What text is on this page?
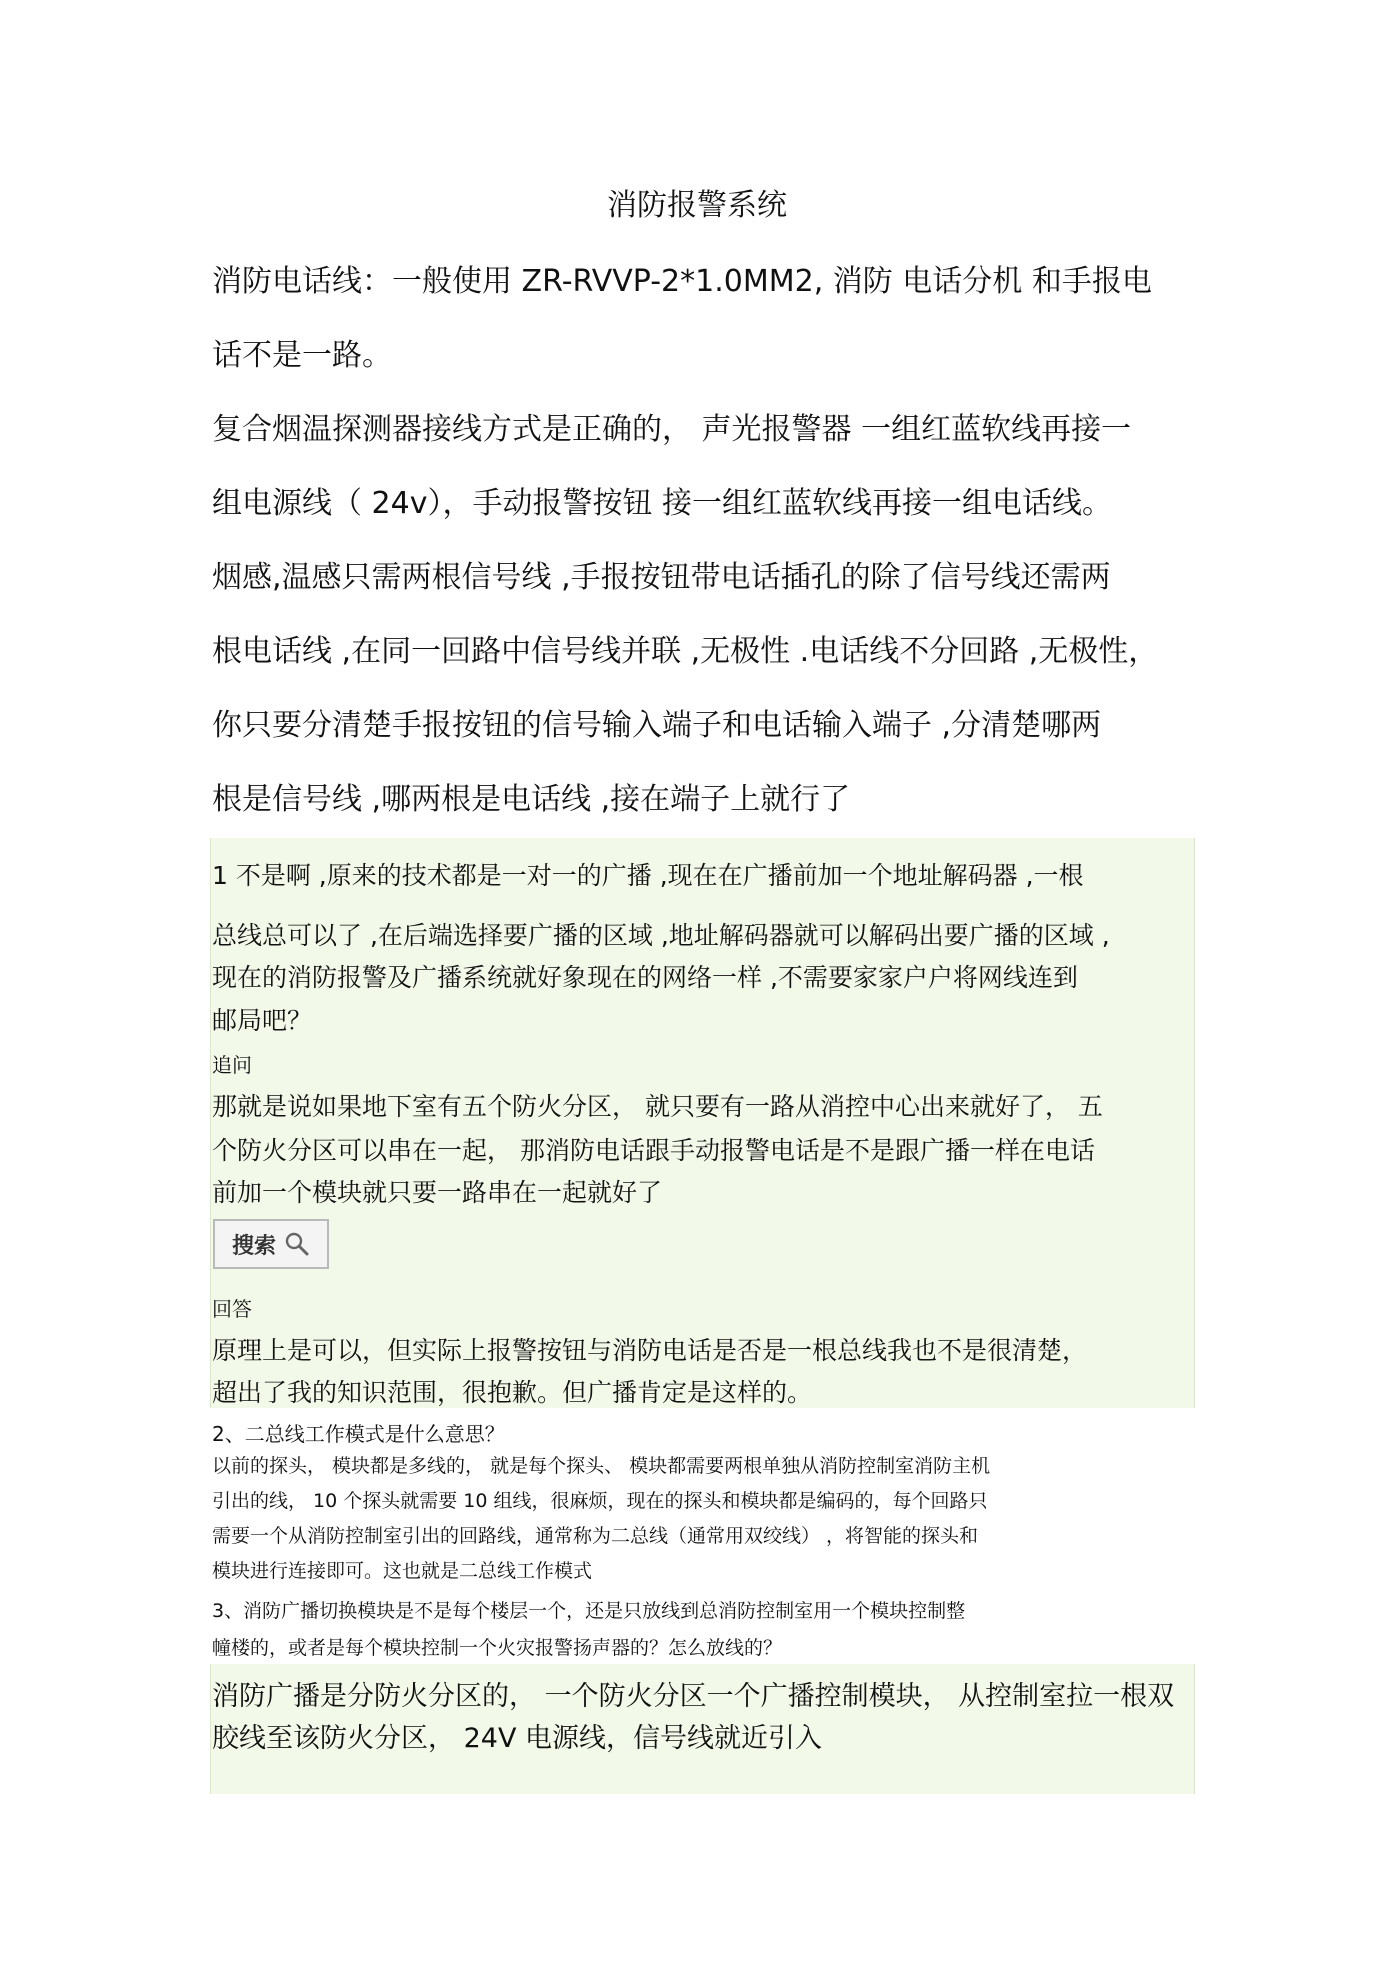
消防报警系统
消防电话线：一般使用 ZR-RVVP-2*1.0MM2, 消防 电话分机 和手报电
话不是一路。
复合烟温探测器接线方式是正确的， 声光报警器 一组红蓝软线再接一
组电源线（ 24v），手动报警按钮 接一组红蓝软线再接一组电话线。
烟感,温感只需两根信号线 ,手报按钮带电话插孔的除了信号线还需两
根电话线 ,在同一回路中信号线并联 ,无极性 .电话线不分回路 ,无极性，
你只要分清楚手报按钮的信号输入端子和电话输入端子 ,分清楚哪两
根是信号线 ,哪两根是电话线 ,接在端子上就行了
1 不是啊 ,原来的技术都是一对一的广播 ,现在在广播前加一个地址解码器 ,一根
总线总可以了 ,在后端选择要广播的区域 ,地址解码器就可以解码出要广播的区域 ,
现在的消防报警及广播系统就好象现在的网络一样 ,不需要家家户户将网线连到
邮局吧？
追问
那就是说如果地下室有五个防火分区， 就只要有一路从消控中心出来就好了， 五
个防火分区可以串在一起， 那消防电话跟手动报警电话是不是跟广播一样在电话
前加一个模块就只要一路串在一起就好了
搜索
回答
原理上是可以，但实际上报警按钮与消防电话是否是一根总线我也不是很清楚，
超出了我的知识范围，很抱歉。但广播肯定是这样的。
2、二总线工作模式是什么意思？
以前的探头， 模块都是多线的， 就是每个探头、 模块都需要两根单独从消防控制室消防主机
引出的线， 10 个探头就需要 10 组线，很麻烦，现在的探头和模块都是编码的，每个回路只
需要一个从消防控制室引出的回路线，通常称为二总线（通常用双绞线） ，将智能的探头和
模块进行连接即可。这也就是二总线工作模式
3、消防广播切换模块是不是每个楼层一个，还是只放线到总消防控制室用一个模块控制整
幢楼的，或者是每个模块控制一个火灾报警扬声器的？怎么放线的？
消防广播是分防火分区的， 一个防火分区一个广播控制模块， 从控制室拉一根双
胶线至该防火分区， 24V 电源线，信号线就近引入
